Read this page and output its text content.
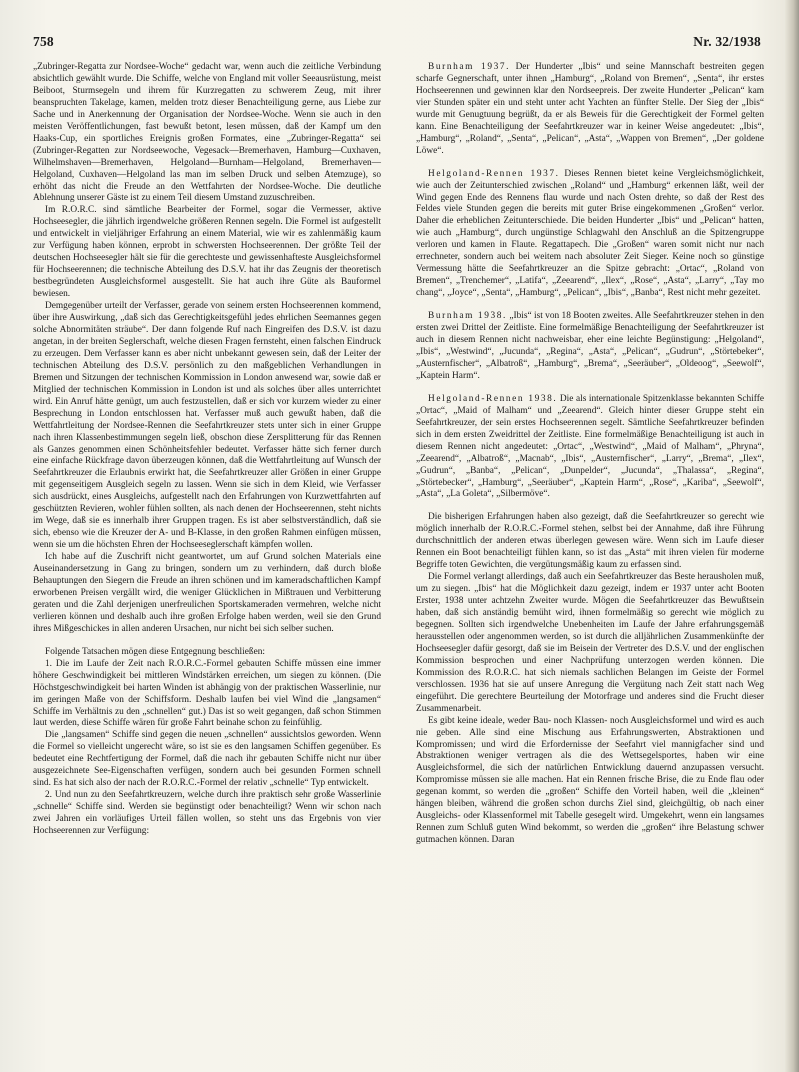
758	Nr. 32/1938

„Zubringer-Regatta zur Nordsee-Woche“ gedacht war, wenn auch die zeitliche Verbindung absichtlich gewählt wurde. Die Schiffe, welche von England mit voller Seeausrüstung, meist Beiboot, Sturmsegeln und ihrem für Kurzregatten zu schwerem Zeug, mit ihrer beanspruchten Takelage, kamen, melden trotz dieser Benachteiligung gerne, aus Liebe zur Sache und in Anerkennung der Organisation der Nordsee-Woche. Wenn sie auch in den meisten Veröffentlichungen, fast bewußt betont, lesen müssen, daß der Kampf um den Haaks-Cup, ein sportliches Ereignis großen Formates, eine „Zubringer-Regatta“ sei (Zubringer-Regatten zur Nordseewoche, Vegesack—Bremerhaven, Hamburg—Cuxhaven, Wilhelmshaven—Bremerhaven, Helgoland—Burnham—Helgoland, Bremerhaven—Helgoland, Cuxhaven—Helgoland las man im selben Druck und selben Atemzuge), so erhöht das nicht die Freude an den Wettfahrten der Nordsee-Woche. Die deutliche Ablehnung unserer Gäste ist zu einem Teil diesem Umstand zuzuschreiben.

Im R.O.R.C. sind sämtliche Bearbeiter der Formel, sogar die Vermesser, aktive Hochseesegler, die jährlich irgendwelche größeren Rennen segeln. Die Formel ist aufgestellt und entwickelt in vieljähriger Erfahrung an einem Material, wie wir es zahlenmäßig kaum zur Verfügung haben können, erprobt in schwersten Hochseerennen. Der größte Teil der deutschen Hochseesegler hält sie für die gerechteste und gewissenhafteste Ausgleichsformel für Hochseerennen; die technische Abteilung des D.S.V. hat ihr das Zeugnis der theoretisch bestbegründeten Ausgleichsformel ausgestellt. Sie hat auch ihre Güte als Bauformel bewiesen.

Demgegenüber urteilt der Verfasser, gerade von seinem ersten Hochseerennen kommend, über ihre Auswirkung, „daß sich das Gerechtigkeitsgefühl jedes ehrlichen Seemannes gegen solche Abnormitäten sträube“. Der dann folgende Ruf nach Eingreifen des D.S.V. ist dazu angetan, in der breiten Seglerschaft, welche diesen Fragen fernsteht, einen falschen Eindruck zu erzeugen. Dem Verfasser kann es aber nicht unbekannt gewesen sein, daß der Leiter der technischen Abteilung des D.S.V. persönlich zu den maßgeblichen Verhandlungen in Bremen und Sitzungen der technischen Kommission in London anwesend war, sowie daß er Mitglied der technischen Kommission in London ist und als solches über alles unterrichtet wird. Ein Anruf hätte genügt, um auch festzustellen, daß er sich vor kurzem wieder zu einer Besprechung in London entschlossen hat. Verfasser muß auch gewußt haben, daß die Wettfahrtleitung der Nordsee-Rennen die Seefahrtkreuzer stets unter sich in einer Gruppe nach ihren Klassenbestimmungen segeln ließ, obschon diese Zersplitterung für das Rennen als Ganzes genommen einen Schönheitsfehler bedeutet. Verfasser hätte sich ferner durch eine einfache Rückfrage davon überzeugen können, daß die Wettfahrtleitung auf Wunsch der Seefahrtkreuzer die Erlaubnis erwirkt hat, die Seefahrtkreuzer aller Größen in einer Gruppe mit gegenseitigem Ausgleich segeln zu lassen. Wenn sie sich in dem Kleid, wie Verfasser sich ausdrückt, eines Ausgleichs, aufgestellt nach den Erfahrungen von Kurzwettfahrten auf geschützten Revieren, wohler fühlen sollten, als nach denen der Hochseerennen, steht nichts im Wege, daß sie es innerhalb ihrer Gruppen tragen. Es ist aber selbstverständlich, daß sie sich, ebenso wie die Kreuzer der A- und B-Klasse, in den großen Rahmen einfügen müssen, wenn sie um die höchsten Ehren der Hochseeseglerschaft kämpfen wollen.

Ich habe auf die Zuschrift nicht geantwortet, um auf Grund solchen Materials eine Auseinandersetzung in Gang zu bringen, sondern um zu verhindern, daß durch bloße Behauptungen den Siegern die Freude an ihren schönen und im kameradschaftlichen Kampf erworbenen Preisen vergällt wird, die weniger Glücklichen in Mißtrauen und Verbitterung geraten und die Zahl derjenigen unerfreulichen Sportskameraden vermehren, welche nicht verlieren können und deshalb auch ihre großen Erfolge haben werden, weil sie den Grund ihres Mißgeschickes in allen anderen Ursachen, nur nicht bei sich selber suchen.

Folgende Tatsachen mögen diese Entgegnung beschließen:

1. Die im Laufe der Zeit nach R.O.R.C.-Formel gebauten Schiffe müssen eine immer höhere Geschwindigkeit bei mittleren Windstärken erreichen, um siegen zu können. (Die Höchstgeschwindigkeit bei harten Winden ist abhängig von der praktischen Wasserlinie, nur im geringen Maße von der Schiffsform. Deshalb laufen bei viel Wind die „langsamen“ Schiffe im Verhältnis zu den „schnellen“ gut.) Das ist so weit gegangen, daß schon Stimmen laut werden, diese Schiffe wären für große Fahrt beinahe schon zu feinfühlig.

Die „langsamen“ Schiffe sind gegen die neuen „schnellen“ aussichtslos geworden. Wenn die Formel so vielleicht ungerecht wäre, so ist sie es den langsamen Schiffen gegenüber. Es bedeutet eine Rechtfertigung der Formel, daß die nach ihr gebauten Schiffe nicht nur über ausgezeichnete See-Eigenschaften verfügen, sondern auch bei gesunden Formen schnell sind. Es hat sich also der nach der R.O.R.C.-Formel der relativ „schnelle“ Typ entwickelt.

2. Und nun zu den Seefahrtkreuzern, welche durch ihre praktisch sehr große Wasserlinie „schnelle“ Schiffe sind. Werden sie begünstigt oder benachteiligt? Wenn wir schon nach zwei Jahren ein vorläufiges Urteil fällen wollen, so steht uns das Ergebnis von vier Hochseerennen zur Verfügung:

Burnham 1937. Der Hunderter „Ibis“ und seine Mannschaft bestreiten gegen scharfe Gegnerschaft, unter ihnen „Hamburg“, „Roland von Bremen“, „Senta“, ihr erstes Hochseerennen und gewinnen klar den Nordseepreis. Der zweite Hunderter „Pelican“ kam vier Stunden später ein und steht unter acht Yachten an fünfter Stelle. Der Sieg der „Ibis“ wurde mit Genugtuung begrüßt, da er als Beweis für die Gerechtigkeit der Formel gelten kann. Eine Benachteiligung der Seefahrtkreuzer war in keiner Weise angedeutet: „Ibis“, „Hamburg“, „Roland“, „Senta“, „Pelican“, „Asta“, „Wappen von Bremen“, „Der goldene Löwe“.

Helgoland-Rennen 1937. Dieses Rennen bietet keine Vergleichsmöglichkeit, wie auch der Zeitunterschied zwischen „Roland“ und „Hamburg“ erkennen läßt, weil der Wind gegen Ende des Rennens flau wurde und nach Osten drehte, so daß der Rest des Feldes viele Stunden gegen die bereits mit guter Brise eingekommenen „Großen“ verlor. Daher die erheblichen Zeitunterschiede. Die beiden Hunderter „Ibis“ und „Pelican“ hatten, wie auch „Hamburg“, durch ungünstige Schlagwahl den Anschluß an die Spitzengruppe verloren und kamen in Flaute. Regattapech. Die „Großen“ waren somit nicht nur nach errechneter, sondern auch bei weitem nach absoluter Zeit Sieger. Keine noch so günstige Vermessung hätte die Seefahrtkreuzer an die Spitze gebracht: „Ortac“, „Roland von Bremen“, „Trenchemer“, „Latifa“, „Zeearend“, „Ilex“, „Rose“, „Asta“, „Larry“, „Tay mo chang“, „Joyce“, „Senta“, „Hamburg“, „Pelican“, „Ibis“, „Banba“, Rest nicht mehr gezeitet.

Burnham 1938. „Ibis“ ist von 18 Booten zweites. Alle Seefahrtkreuzer stehen in den ersten zwei Drittel der Zeitliste. Eine formelmäßige Benachteiligung der Seefahrtkreuzer ist auch in diesem Rennen nicht nachweisbar, eher eine leichte Begünstigung: „Helgoland“, „Ibis“, „Westwind“, „Jucunda“, „Regina“, „Asta“, „Pelican“, „Gudrun“, „Störtebeker“, „Austernfischer“, „Albatroß“, „Hamburg“, „Brema“, „Seeräuber“, „Oldeoog“, „Seewolf“, „Kaptein Harm“.

Helgoland-Rennen 1938. Die als internationale Spitzenklasse bekannten Schiffe „Ortac“, „Maid of Malham“ und „Zeearend“. Gleich hinter dieser Gruppe steht ein Seefahrtkreuzer, der sein erstes Hochseerennen segelt. Sämtliche Seefahrtkreuzer befinden sich in dem ersten Zweidrittel der Zeitliste. Eine formelmäßige Benachteiligung ist auch in diesem Rennen nicht angedeutet: „Ortac“, „Westwind“, „Maid of Malham“, „Phryna“, „Zeearend“, „Albatroß“, „Macnab“, „Ibis“, „Austernfischer“, „Larry“, „Brema“, „Ilex“, „Gudrun“, „Banba“, „Pelican“, „Dunpelder“, „Jucunda“, „Thalassa“, „Regina“, „Störtebecker“, „Hamburg“, „Seeräuber“, „Kaptein Harm“, „Rose“, „Kariba“, „Seewolf“, „Asta“, „La Goleta“, „Silbermöve“.

Die bisherigen Erfahrungen haben also gezeigt, daß die Seefahrtkreuzer so gerecht wie möglich innerhalb der R.O.R.C.-Formel stehen, selbst bei der Annahme, daß ihre Führung durchschnittlich der anderen etwas überlegen gewesen wäre. Wenn sich im Laufe dieser Rennen ein Boot benachteiligt fühlen kann, so ist das „Asta“ mit ihren vielen für moderne Begriffe toten Gewichten, die vergütungsmäßig kaum zu erfassen sind.

Die Formel verlangt allerdings, daß auch ein Seefahrtkreuzer das Beste herausholen muß, um zu siegen. „Ibis“ hat die Möglichkeit dazu gezeigt, indem er 1937 unter acht Booten Erster, 1938 unter achtzehn Zweiter wurde. Mögen die Seefahrtkreuzer das Bewußtsein haben, daß sich anständig bemüht wird, ihnen formelmäßig so gerecht wie möglich zu begegnen. Sollten sich irgendwelche Unebenheiten im Laufe der Jahre erfahrungsgemäß herausstellen oder angenommen werden, so ist durch die alljährlichen Zusammenkünfte der Hochseesegler dafür gesorgt, daß sie im Beisein der Vertreter des D.S.V. und der englischen Kommission besprochen und einer Nachprüfung unterzogen werden können. Die Kommission des R.O.R.C. hat sich niemals sachlichen Belangen im Geiste der Formel verschlossen. 1936 hat sie auf unsere Anregung die Vergütung nach Zeit statt nach Weg eingeführt. Die gerechtere Beurteilung der Motorfrage und anderes sind die Frucht dieser Zusammenarbeit.

Es gibt keine ideale, weder Bau- noch Klassen- noch Ausgleichsformel und wird es auch nie geben. Alle sind eine Mischung aus Erfahrungswerten, Abstraktionen und Kompromissen; und wird die Erfordernisse der Seefahrt viel mannigfacher sind und Abstraktionen weniger vertragen als die des Wettsegelsportes, haben wir eine Ausgleichsformel, die sich der natürlichen Entwicklung dauernd anzupassen versucht. Kompromisse müssen sie alle machen. Hat ein Rennen frische Brise, die zu Ende flau oder gegenan kommt, so werden die „großen“ Schiffe den Vorteil haben, weil die „kleinen“ hängen bleiben, während die großen schon durchs Ziel sind, gleichgültig, ob nach einer Ausgleichs- oder Klassenformel mit Tabelle gesegelt wird. Umgekehrt, wenn ein langsames Rennen zum Schluß guten Wind bekommt, so werden die „großen“ ihre Belastung schwer gutmachen können. Daran
